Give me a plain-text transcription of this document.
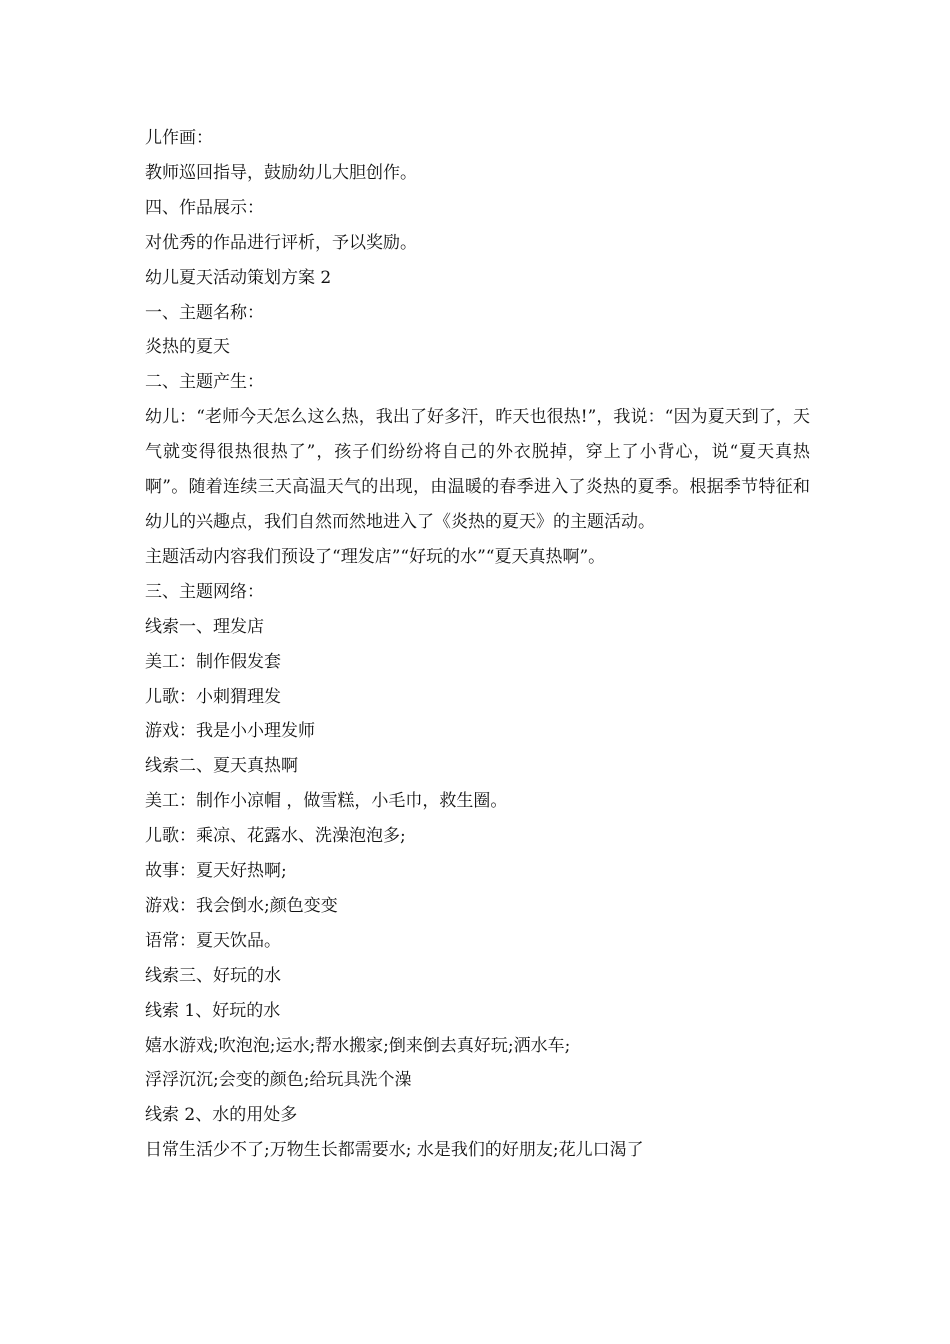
儿作画：

教师巡回指导，鼓励幼儿大胆创作。

四、作品展示：

对优秀的作品进行评析，予以奖励。

幼儿夏天活动策划方案 2

一、主题名称：

炎热的夏天

二、主题产生：

幼儿：“老师今天怎么这么热，我出了好多汗，昨天也很热!”，我说：“因为夏天到了，天气就变得很热很热了”，孩子们纷纷将自己的外衣脱掉，穿上了小背心，说“夏天真热啊”。随着连续三天高温天气的出现，由温暖的春季进入了炎热的夏季。根据季节特征和幼儿的兴趣点，我们自然而然地进入了《炎热的夏天》的主题活动。

主题活动内容我们预设了“理发店”“好玩的水”“夏天真热啊”。

三、主题网络：

线索一、理发店

美工：制作假发套

儿歌：小刺猬理发

游戏：我是小小理发师

线索二、夏天真热啊

美工：制作小凉帽 ，做雪糕，小毛巾，救生圈。

儿歌：乘凉、花露水、洗澡泡泡多;

故事：夏天好热啊;

游戏：我会倒水;颜色变变

语常：夏天饮品。

线索三、好玩的水

线索 1、好玩的水

嬉水游戏;吹泡泡;运水;帮水搬家;倒来倒去真好玩;洒水车;

浮浮沉沉;会变的颜色;给玩具洗个澡

线索 2、水的用处多

日常生活少不了;万物生长都需要水; 水是我们的好朋友;花儿口渴了
